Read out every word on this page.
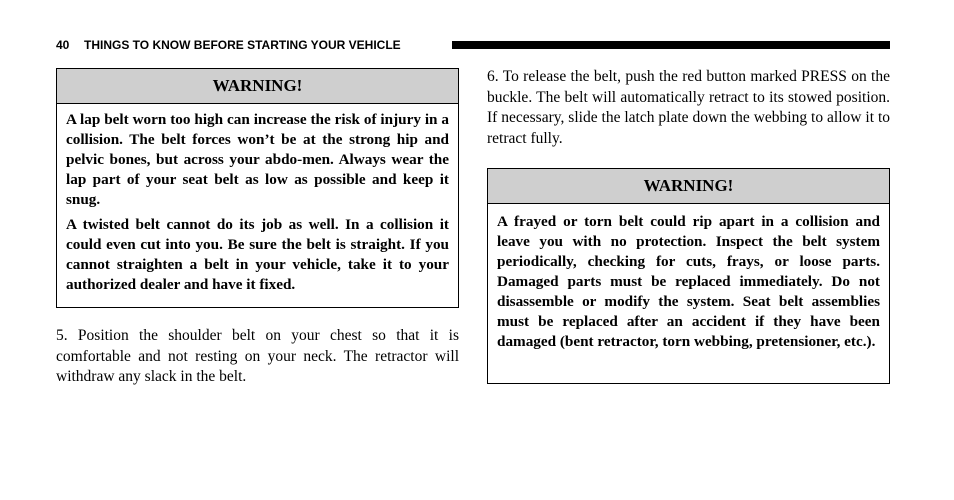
40 THINGS TO KNOW BEFORE STARTING YOUR VEHICLE
WARNING!

A lap belt worn too high can increase the risk of injury in a collision. The belt forces won’t be at the strong hip and pelvic bones, but across your abdo-men. Always wear the lap part of your seat belt as low as possible and keep it snug.

A twisted belt cannot do its job as well. In a collision it could even cut into you. Be sure the belt is straight. If you cannot straighten a belt in your vehicle, take it to your authorized dealer and have it fixed.

5. Position the shoulder belt on your chest so that it is comfortable and not resting on your neck. The retractor will withdraw any slack in the belt.

6. To release the belt, push the red button marked PRESS on the buckle. The belt will automatically retract to its stowed position. If necessary, slide the latch plate down the webbing to allow it to retract fully.

WARNING!

A frayed or torn belt could rip apart in a collision and leave you with no protection. Inspect the belt system periodically, checking for cuts, frays, or loose parts. Damaged parts must be replaced immediately. Do not disassemble or modify the system. Seat belt assemblies must be replaced after an accident if they have been damaged (bent retractor, torn webbing, pretensioner, etc.).
